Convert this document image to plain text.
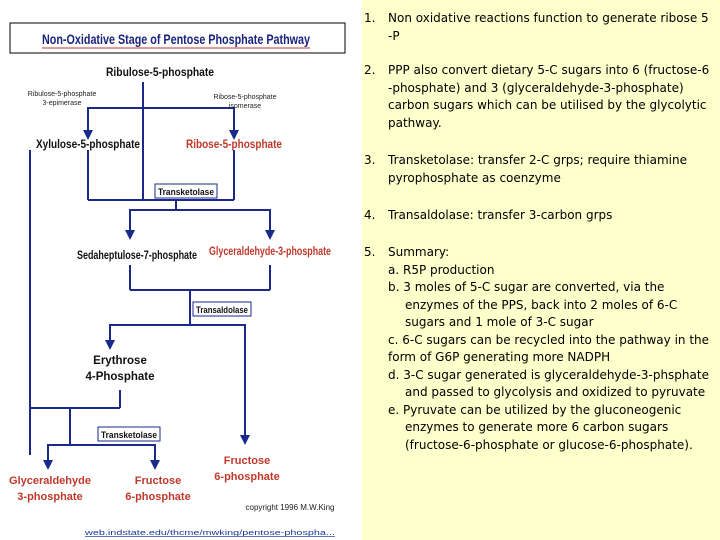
Non-Oxidative Stage of Pentose Phosphate Pathway
Ribulose-5-phosphate
Ribulose-5-phosphate
3-epimerase
Ribose-5-phosphate
isomerase
Xylulose-5-phosphate	Ribose-5-phosphate
Transketolase
Sedaheptulose-7-phosphate Glyceraldehyde-3-phosphate
Transaldolase
Erythrose
4-Phosphate
Transketolase
Glyceraldehyde
3-phosphate
Fructose
6-phosphate
Fructose
6-phosphate
copyright 1996 M.W.King
web.indstate.edu/thcme/mwking/pentose-phospha...
1.	Non oxidative reactions function to generate ribose 5 -P
2.	PPP also convert dietary 5-C sugars into 6 (fructose-6 -phosphate) and 3 (glyceraldehyde-3-phosphate) carbon sugars which can be utilised by the glycolytic pathway.
3.	Transketolase: transfer 2-C grps; require thiamine pyrophosphate as coenzyme
4.	Transaldolase: transfer 3-carbon grps
5.	Summary:

a. R5P production

b. 3 moles of 5-C sugar are converted, via the enzymes of the PPS, back into 2 moles of 6-C sugars and 1 mole of 3-C sugar

c. 6-C sugars can be recycled into the pathway in the form of G6P generating more NADPH

d. 3-C sugar generated is glyceraldehyde-3-phsphate and passed to glycolysis and oxidized to pyruvate

e. Pyruvate can be utilized by the gluconeogenic enzymes to generate more 6 carbon sugars (fructose-6-phosphate or glucose-6-phosphate).
